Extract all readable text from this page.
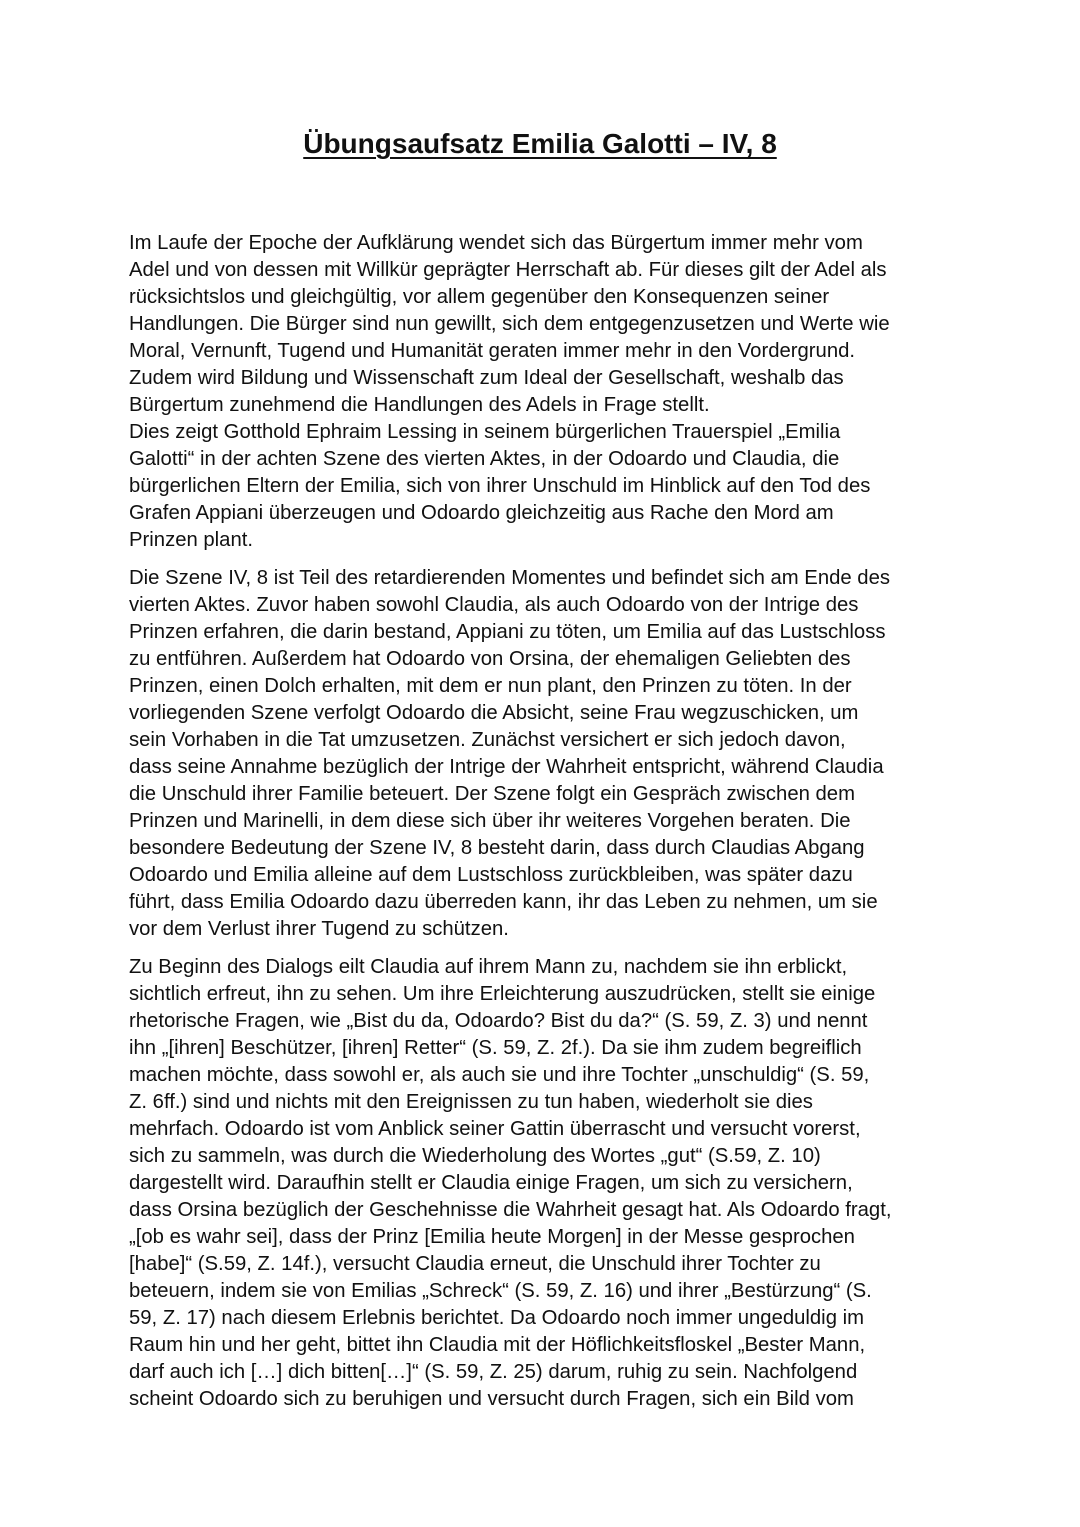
Übungsaufsatz Emilia Galotti – IV, 8

Im Laufe der Epoche der Aufklärung wendet sich das Bürgertum immer mehr vom
Adel und von dessen mit Willkür geprägter Herrschaft ab. Für dieses gilt der Adel als
rücksichtslos und gleichgültig, vor allem gegenüber den Konsequenzen seiner
Handlungen. Die Bürger sind nun gewillt, sich dem entgegenzusetzen und Werte wie
Moral, Vernunft, Tugend und Humanität geraten immer mehr in den Vordergrund.
Zudem wird Bildung und Wissenschaft zum Ideal der Gesellschaft, weshalb das
Bürgertum zunehmend die Handlungen des Adels in Frage stellt.
Dies zeigt Gotthold Ephraim Lessing in seinem bürgerlichen Trauerspiel „Emilia
Galotti“ in der achten Szene des vierten Aktes, in der Odoardo und Claudia, die
bürgerlichen Eltern der Emilia, sich von ihrer Unschuld im Hinblick auf den Tod des
Grafen Appiani überzeugen und Odoardo gleichzeitig aus Rache den Mord am
Prinzen plant.

Die Szene IV, 8 ist Teil des retardierenden Momentes und befindet sich am Ende des
vierten Aktes. Zuvor haben sowohl Claudia, als auch Odoardo von der Intrige des
Prinzen erfahren, die darin bestand, Appiani zu töten, um Emilia auf das Lustschloss
zu entführen. Außerdem hat Odoardo von Orsina, der ehemaligen Geliebten des
Prinzen, einen Dolch erhalten, mit dem er nun plant, den Prinzen zu töten. In der
vorliegenden Szene verfolgt Odoardo die Absicht, seine Frau wegzuschicken, um
sein Vorhaben in die Tat umzusetzen. Zunächst versichert er sich jedoch davon,
dass seine Annahme bezüglich der Intrige der Wahrheit entspricht, während Claudia
die Unschuld ihrer Familie beteuert. Der Szene folgt ein Gespräch zwischen dem
Prinzen und Marinelli, in dem diese sich über ihr weiteres Vorgehen beraten. Die
besondere Bedeutung der Szene IV, 8 besteht darin, dass durch Claudias Abgang
Odoardo und Emilia alleine auf dem Lustschloss zurückbleiben, was später dazu
führt, dass Emilia Odoardo dazu überreden kann, ihr das Leben zu nehmen, um sie
vor dem Verlust ihrer Tugend zu schützen.

Zu Beginn des Dialogs eilt Claudia auf ihrem Mann zu, nachdem sie ihn erblickt,
sichtlich erfreut, ihn zu sehen. Um ihre Erleichterung auszudrücken, stellt sie einige
rhetorische Fragen, wie „Bist du da, Odoardo? Bist du da?“ (S. 59, Z. 3) und nennt
ihn „[ihren] Beschützer, [ihren] Retter“ (S. 59, Z. 2f.). Da sie ihm zudem begreiflich
machen möchte, dass sowohl er, als auch sie und ihre Tochter „unschuldig“ (S. 59,
Z. 6ff.) sind und nichts mit den Ereignissen zu tun haben, wiederholt sie dies
mehrfach. Odoardo ist vom Anblick seiner Gattin überrascht und versucht vorerst,
sich zu sammeln, was durch die Wiederholung des Wortes „gut“ (S.59, Z. 10)
dargestellt wird. Daraufhin stellt er Claudia einige Fragen, um sich zu versichern,
dass Orsina bezüglich der Geschehnisse die Wahrheit gesagt hat. Als Odoardo fragt,
„[ob es wahr sei], dass der Prinz [Emilia heute Morgen] in der Messe gesprochen
[habe]“ (S.59, Z. 14f.), versucht Claudia erneut, die Unschuld ihrer Tochter zu
beteuern, indem sie von Emilias „Schreck“ (S. 59, Z. 16) und ihrer „Bestürzung“ (S.
59, Z. 17) nach diesem Erlebnis berichtet. Da Odoardo noch immer ungeduldig im
Raum hin und her geht, bittet ihn Claudia mit der Höflichkeitsfloskel „Bester Mann,
darf auch ich […] dich bitten[…]“ (S. 59, Z. 25) darum, ruhig zu sein. Nachfolgend
scheint Odoardo sich zu beruhigen und versucht durch Fragen, sich ein Bild vom
